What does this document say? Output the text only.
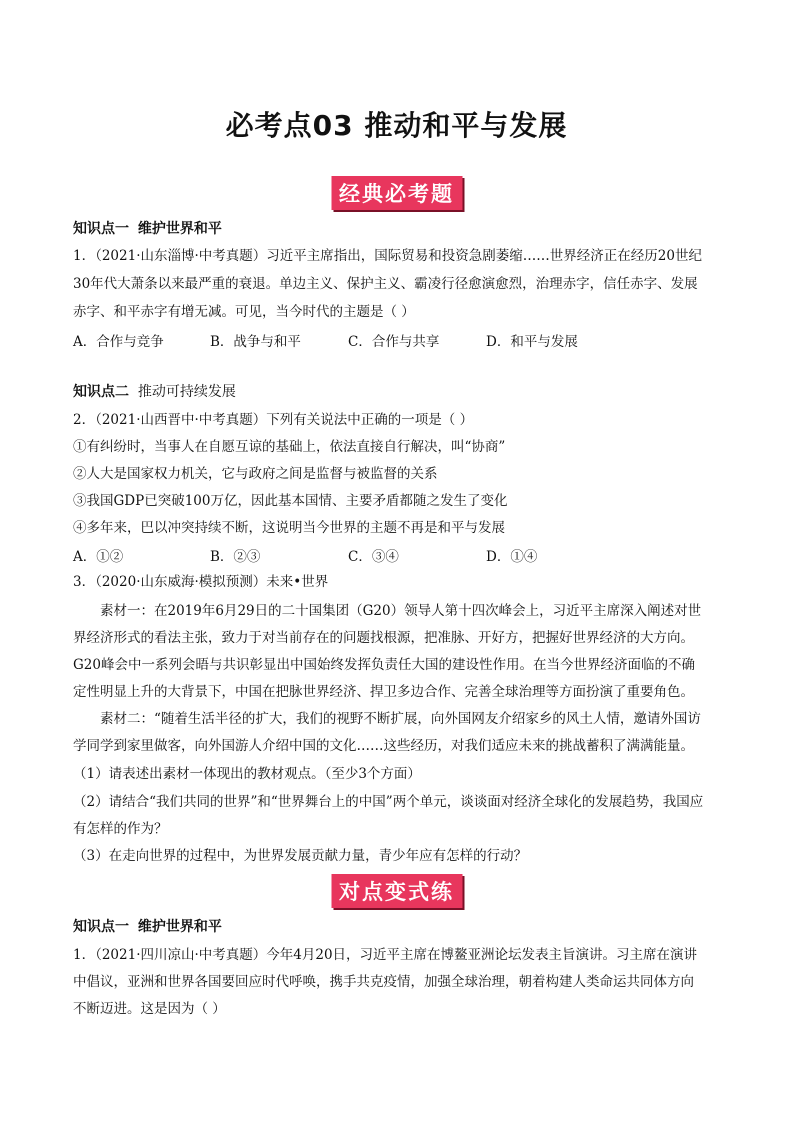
必考点03 推动和平与发展
经典必考题
知识点一 维护世界和平
1．（2021·山东淄博·中考真题）习近平主席指出，国际贸易和投资急剧萎缩……世界经济正在经历20世纪
30年代大萧条以来最严重的衰退。单边主义、保护主义、霸凌行径愈演愈烈，治理赤字，信任赤字、发展
赤字、和平赤字有增无减。可见，当今时代的主题是（ ）
A．合作与竞争	B．战争与和平	C．合作与共享	D．和平与发展
知识点二 推动可持续发展
2．（2021·山西晋中·中考真题）下列有关说法中正确的一项是（ ）
①有纠纷时，当事人在自愿互谅的基础上，依法直接自行解决，叫“协商”
②人大是国家权力机关，它与政府之间是监督与被监督的关系
③我国GDP已突破100万亿，因此基本国情、主要矛盾都随之发生了变化
④多年来，巴以冲突持续不断，这说明当今世界的主题不再是和平与发展
A．①②	B．②③	C．③④	D．①④
3．（2020·山东威海·模拟预测）未来•世界
素材一：在2019年6月29日的二十国集团（G20）领导人第十四次峰会上，习近平主席深入阐述对世
界经济形式的看法主张，致力于对当前存在的问题找根源，把准脉、开好方，把握好世界经济的大方向。
G20峰会中一系列会晤与共识彰显出中国始终发挥负责任大国的建设性作用。在当今世界经济面临的不确
定性明显上升的大背景下，中国在把脉世界经济、捍卫多边合作、完善全球治理等方面扮演了重要角色。
素材二：“随着生活半径的扩大，我们的视野不断扩展，向外国网友介绍家乡的风土人情，邀请外国访
学同学到家里做客，向外国游人介绍中国的文化……这些经历，对我们适应未来的挑战蓄积了满满能量。
（1）请表述出素材一体现出的教材观点。（至少3个方面）
（2）请结合“我们共同的世界”和“世界舞台上的中国”两个单元，谈谈面对经济全球化的发展趋势，我国应
有怎样的作为？
（3）在走向世界的过程中，为世界发展贡献力量，青少年应有怎样的行动？
对点变式练
知识点一 维护世界和平
1．（2021·四川凉山·中考真题）今年4月20日，习近平主席在博鳌亚洲论坛发表主旨演讲。习主席在演讲
中倡议，亚洲和世界各国要回应时代呼唤，携手共克疫情，加强全球治理，朝着构建人类命运共同体方向
不断迈进。这是因为（ ）
